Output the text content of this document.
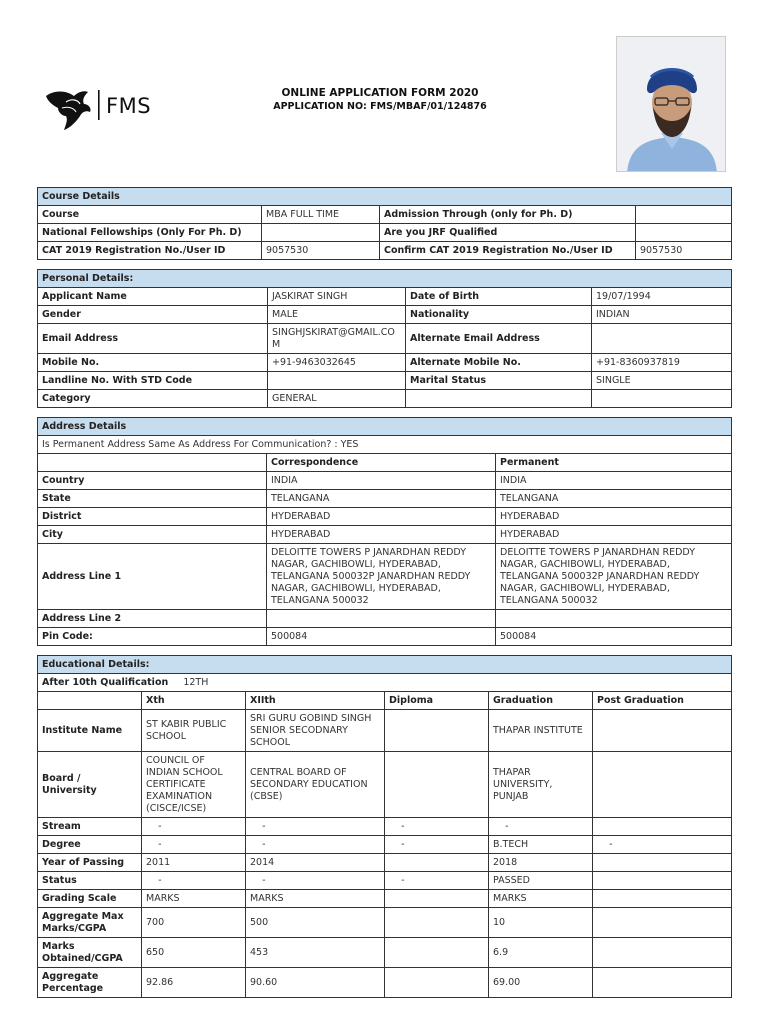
FMS
ONLINE APPLICATION FORM 2020
APPLICATION NO: FMS/MBAF/01/124876
Course Details			
Course	MBA FULL TIME	Admission Through (only for Ph. D)	
National Fellowships (Only For Ph. D)		Are you JRF Qualified	
CAT 2019 Registration No./User ID	9057530	Confirm CAT 2019 Registration No./User ID	9057530
Personal Details:			
Applicant Name	JASKIRAT SINGH	Date of Birth	19/07/1994
Gender	MALE	Nationality	INDIAN
Email Address	SINGHJSKIRAT@GMAIL.COM	Alternate Email Address	
Mobile No.	+91-9463032645	Alternate Mobile No.	+91-8360937819
Landline No. With STD Code		Marital Status	SINGLE
Category	GENERAL		
Address Details		
Is Permanent Address Same As Address For Communication? : YES		
	Correspondence	Permanent
Country	INDIA	INDIA
State	TELANGANA	TELANGANA
District	HYDERABAD	HYDERABAD
City	HYDERABAD	HYDERABAD
Address Line 1	DELOITTE TOWERS P JANARDHAN REDDY NAGAR, GACHIBOWLI, HYDERABAD, TELANGANA 500032P JANARDHAN REDDY NAGAR, GACHIBOWLI, HYDERABAD, TELANGANA 500032	DELOITTE TOWERS P JANARDHAN REDDY NAGAR, GACHIBOWLI, HYDERABAD, TELANGANA 500032P JANARDHAN REDDY NAGAR, GACHIBOWLI, HYDERABAD, TELANGANA 500032
Address Line 2		
Pin Code:	500084	500084
Educational Details:					
After 10th Qualification 12TH					
	Xth	XIIth	Diploma	Graduation	Post Graduation
Institute Name	ST KABIR PUBLIC SCHOOL	SRI GURU GOBIND SINGH SENIOR SECODNARY SCHOOL		THAPAR INSTITUTE	
Board / University	COUNCIL OF INDIAN SCHOOL CERTIFICATE EXAMINATION (CISCE/ICSE)	CENTRAL BOARD OF SECONDARY EDUCATION (CBSE)		THAPAR UNIVERSITY, PUNJAB	
Stream	-	-	-	-	
Degree	-	-	-	B.TECH	-
Year of Passing	2011	2014		2018	
Status	-	-	-	PASSED	
Grading Scale	MARKS	MARKS		MARKS	
Aggregate Max Marks/CGPA	700	500		10	
Marks Obtained/CGPA	650	453		6.9	
Aggregate Percentage	92.86	90.60		69.00	
